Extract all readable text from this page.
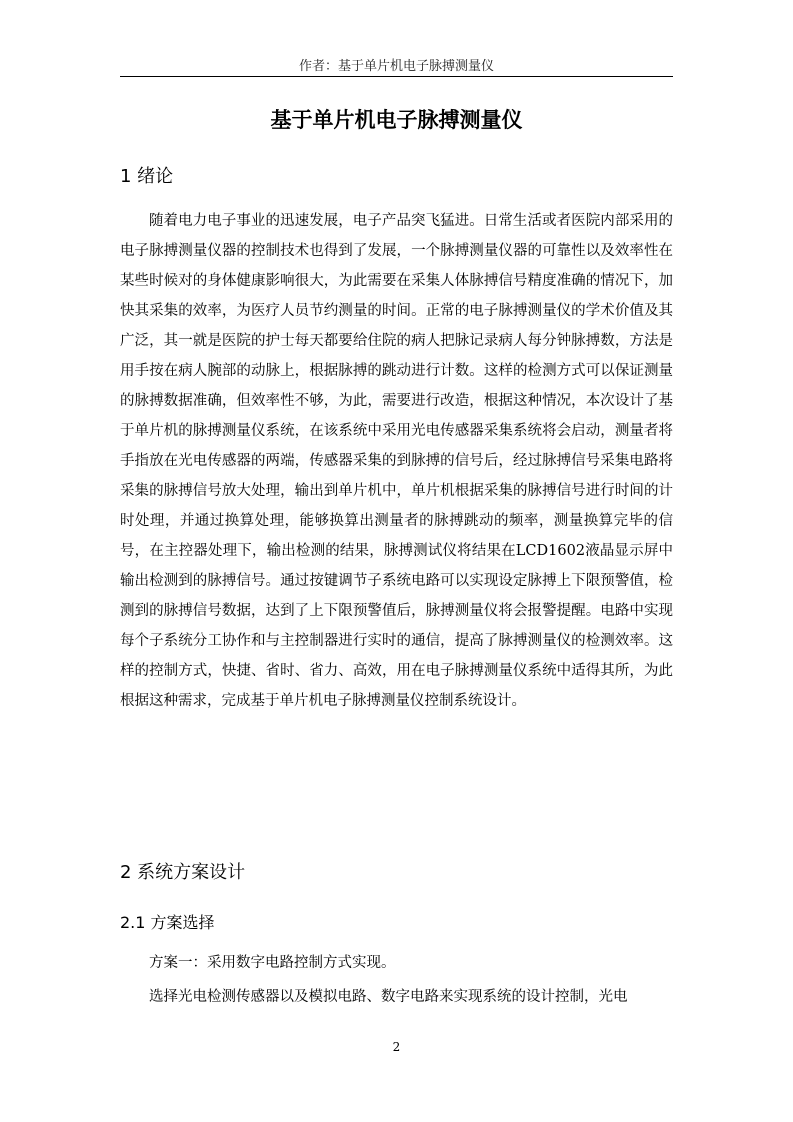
作者：基于单片机电子脉搏测量仪
基于单片机电子脉搏测量仪
1 绪论

随着电力电子事业的迅速发展，电子产品突飞猛进。日常生活或者医院内部采用的电子脉搏测量仪器的控制技术也得到了发展，一个脉搏测量仪器的可靠性以及效率性在某些时候对的身体健康影响很大，为此需要在采集人体脉搏信号精度准确的情况下，加快其采集的效率，为医疗人员节约测量的时间。正常的电子脉搏测量仪的学术价值及其广泛，其一就是医院的护士每天都要给住院的病人把脉记录病人每分钟脉搏数，方法是用手按在病人腕部的动脉上，根据脉搏的跳动进行计数。这样的检测方式可以保证测量的脉搏数据准确，但效率性不够，为此，需要进行改造，根据这种情况，本次设计了基于单片机的脉搏测量仪系统，在该系统中采用光电传感器采集系统将会启动，测量者将手指放在光电传感器的两端，传感器采集的到脉搏的信号后，经过脉搏信号采集电路将采集的脉搏信号放大处理，输出到单片机中，单片机根据采集的脉搏信号进行时间的计时处理，并通过换算处理，能够换算出测量者的脉搏跳动的频率，测量换算完毕的信号，在主控器处理下，输出检测的结果，脉搏测试仪将结果在LCD1602液晶显示屏中输出检测到的脉搏信号。通过按键调节子系统电路可以实现设定脉搏上下限预警值，检测到的脉搏信号数据，达到了上下限预警值后，脉搏测量仪将会报警提醒。电路中实现每个子系统分工协作和与主控制器进行实时的通信，提高了脉搏测量仪的检测效率。这样的控制方式，快捷、省时、省力、高效，用在电子脉搏测量仪系统中适得其所，为此根据这种需求，完成基于单片机电子脉搏测量仪控制系统设计。

2 系统方案设计
2.1 方案选择

方案一：采用数字电路控制方式实现。

选择光电检测传感器以及模拟电路、数字电路来实现系统的设计控制，光电

2
